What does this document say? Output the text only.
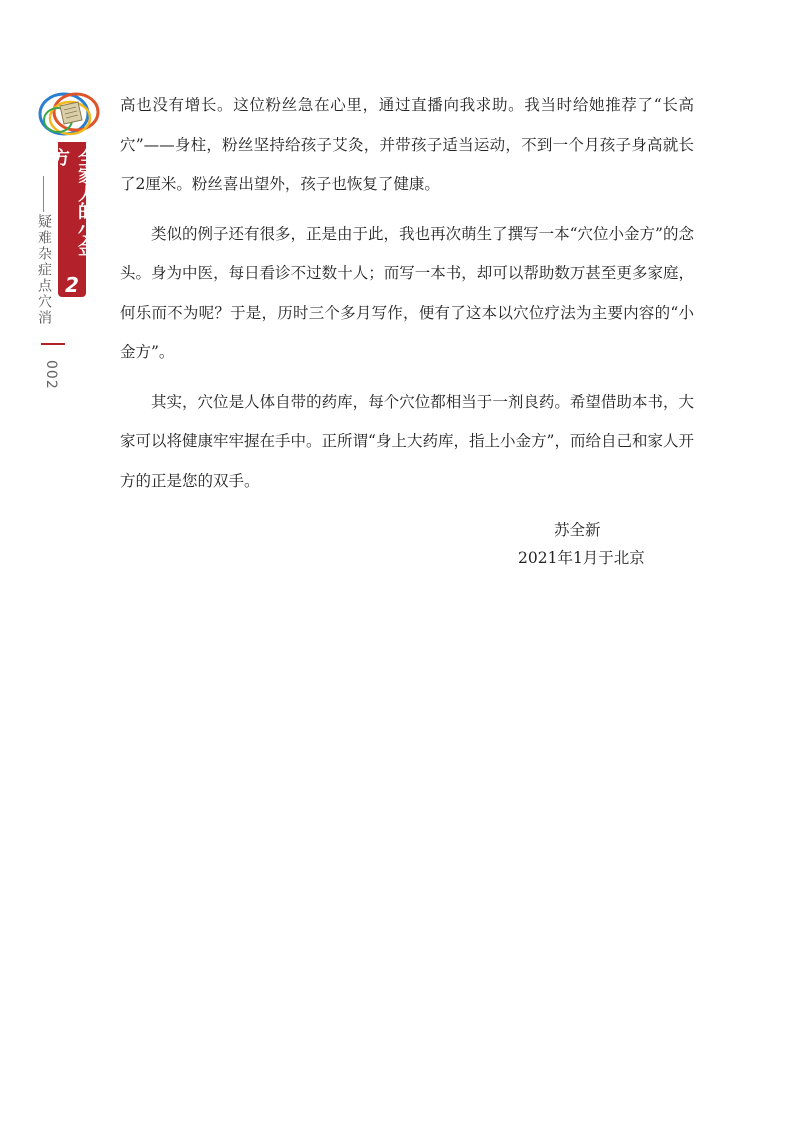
全家人的小金方
2
疑难杂症点穴消
002

高也没有增长。这位粉丝急在心里，通过直播向我求助。我当时给她推荐了“长高穴”——身柱，粉丝坚持给孩子艾灸，并带孩子适当运动，不到一个月孩子身高就长了2厘米。粉丝喜出望外，孩子也恢复了健康。

类似的例子还有很多，正是由于此，我也再次萌生了撰写一本“穴位小金方”的念头。身为中医，每日看诊不过数十人；而写一本书，却可以帮助数万甚至更多家庭，何乐而不为呢？于是，历时三个多月写作，便有了这本以穴位疗法为主要内容的“小金方”。

其实，穴位是人体自带的药库，每个穴位都相当于一剂良药。希望借助本书，大家可以将健康牢牢握在手中。正所谓“身上大药库，指上小金方”，而给自己和家人开方的正是您的双手。

苏全新
2021年1月于北京
